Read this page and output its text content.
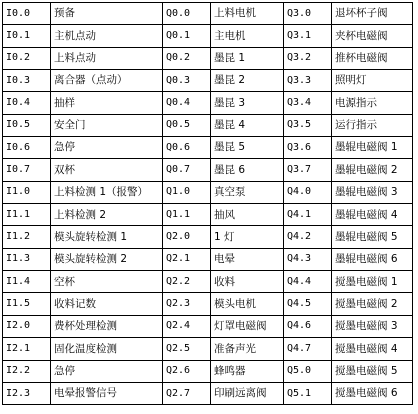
I0.0	预备	Q0.0	上料电机	Q3.0	退坏杯子阀
I0.1	主机点动	Q0.1	主电机	Q3.1	夹杯电磁阀
I0.2	上料点动	Q0.2	墨昆 1	Q3.2	推杯电磁阀
I0.3	离合器（点动）	Q0.3	墨昆 2	Q3.3	照明灯
I0.4	抽样	Q0.4	墨昆 3	Q3.4	电源指示
I0.5	安全门	Q0.5	墨昆 4	Q3.5	运行指示
I0.6	急停	Q0.6	墨昆 5	Q3.6	墨辊电磁阀 1
I0.7	双杯	Q0.7	墨昆 6	Q3.7	墨辊电磁阀 2
I1.0	上料检测 1（报警）	Q1.0	真空泵	Q4.0	墨辊电磁阀 3
I1.1	上料检测 2	Q1.1	抽风	Q4.1	墨辊电磁阀 4
I1.2	模头旋转检测 1	Q2.0	1 灯	Q4.2	墨辊电磁阀 5
I1.3	模头旋转检测 2	Q2.1	电晕	Q4.3	墨辊电磁阀 6
I1.4	空杯	Q2.2	收料	Q4.4	搅墨电磁阀 1
I1.5	收料记数	Q2.3	模头电机	Q4.5	搅墨电磁阀 2
I2.0	费杯处理检测	Q2.4	灯罩电磁阀	Q4.6	搅墨电磁阀 3
I2.1	固化温度检测	Q2.5	准备声光	Q4.7	搅墨电磁阀 4
I2.2	急停	Q2.6	蜂鸣器	Q5.0	搅墨电磁阀 5
I2.3	电晕报警信号	Q2.7	印刷远离阀	Q5.1	搅墨电磁阀 6
